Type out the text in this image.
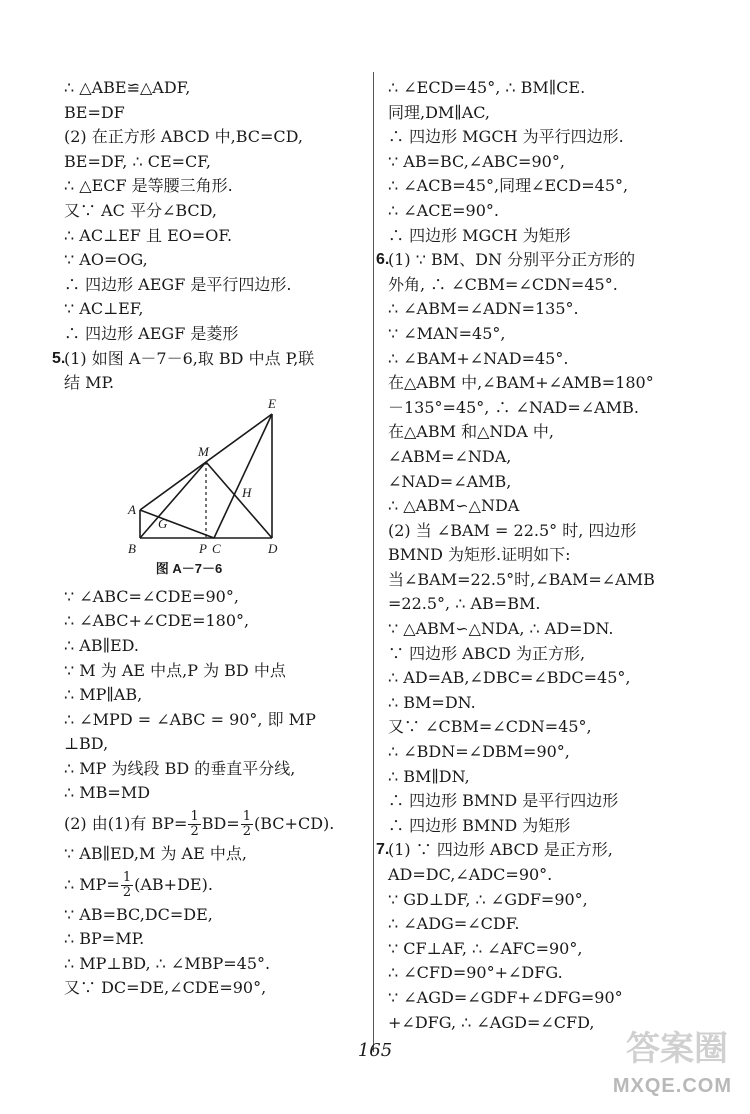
∴ △ABE≌△ADF,
BE=DF
(2) 在正方形 ABCD 中,BC=CD,
BE=DF, ∴ CE=CF,
∴ △ECF 是等腰三角形.
又∵ AC 平分∠BCD,
∴ AC⊥EF 且 EO=OF.
∵ AO=OG,
∴ 四边形 AEGF 是平行四边形.
∵ AC⊥EF,
∴ 四边形 AEGF 是菱形
5.
(1) 如图 A－7－6,取 BD 中点 P,联
结 MP.
E
M
A
H
G
B	P C	D
图 A－7－6
∵ ∠ABC=∠CDE=90°,
∴ ∠ABC+∠CDE=180°,
∴ AB∥ED.
∵ M 为 AE 中点,P 为 BD 中点
∴ MP∥AB,
∴ ∠MPD = ∠ABC = 90°, 即 MP
⊥BD,
∴ MP 为线段 BD 的垂直平分线,
∴ MB=MD
(2) 由(1)有 $BP= \frac{1}{2} BD= \frac{1}{2} (BC+CD)$.
∵ AB∥ED,M 为 AE 中点,
∴ $MP= \frac{1}{2} (AB+DE)$.
∵ AB=BC,DC=DE,
∴ BP=MP.
∴ MP⊥BD, ∴ ∠MBP=45°.
又∵ DC=DE,∠CDE=90°,
∴ ∠ECD=45°, ∴ BM∥CE.
同理,DM∥AC,
∴ 四边形 MGCH 为平行四边形.
∵ AB=BC,∠ABC=90°,
∴ ∠ACB=45°,同理∠ECD=45°,
∴ ∠ACE=90°.
∴ 四边形 MGCH 为矩形
6.
(1) ∵ BM、DN 分别平分正方形的
外角, ∴ ∠CBM=∠CDN=45°.
∴ ∠ABM=∠ADN=135°.
∵ ∠MAN=45°,
∴ ∠BAM+∠NAD=45°.
在△ABM 中,∠BAM+∠AMB=180°
－135°=45°, ∴ ∠NAD=∠AMB.
在△ABM 和△NDA 中,
∠ABM=∠NDA,
∠NAD=∠AMB,
∴ △ABM∽△NDA
(2) 当 ∠BAM = 22.5° 时, 四边形
BMND 为矩形.证明如下:
当∠BAM=22.5°时,∠BAM=∠AMB
=22.5°, ∴ AB=BM.
∵ △ABM∽△NDA, ∴ AD=DN.
∵ 四边形 ABCD 为正方形,
∴ AD=AB,∠DBC=∠BDC=45°,
∴ BM=DN.
又∵ ∠CBM=∠CDN=45°,
∴ ∠BDN=∠DBM=90°,
∴ BM∥DN,
∴ 四边形 BMND 是平行四边形
∴ 四边形 BMND 为矩形
7.
(1) ∵ 四边形 ABCD 是正方形,
AD=DC,∠ADC=90°.
∵ GD⊥DF, ∴ ∠GDF=90°,
∴ ∠ADG=∠CDF.
∵ CF⊥AF, ∴ ∠AFC=90°,
∴ ∠CFD=90°+∠DFG.
∵ ∠AGD=∠GDF+∠DFG=90°
+∠DFG, ∴ ∠AGD=∠CFD,
165	答案圈
MXQE.COM
